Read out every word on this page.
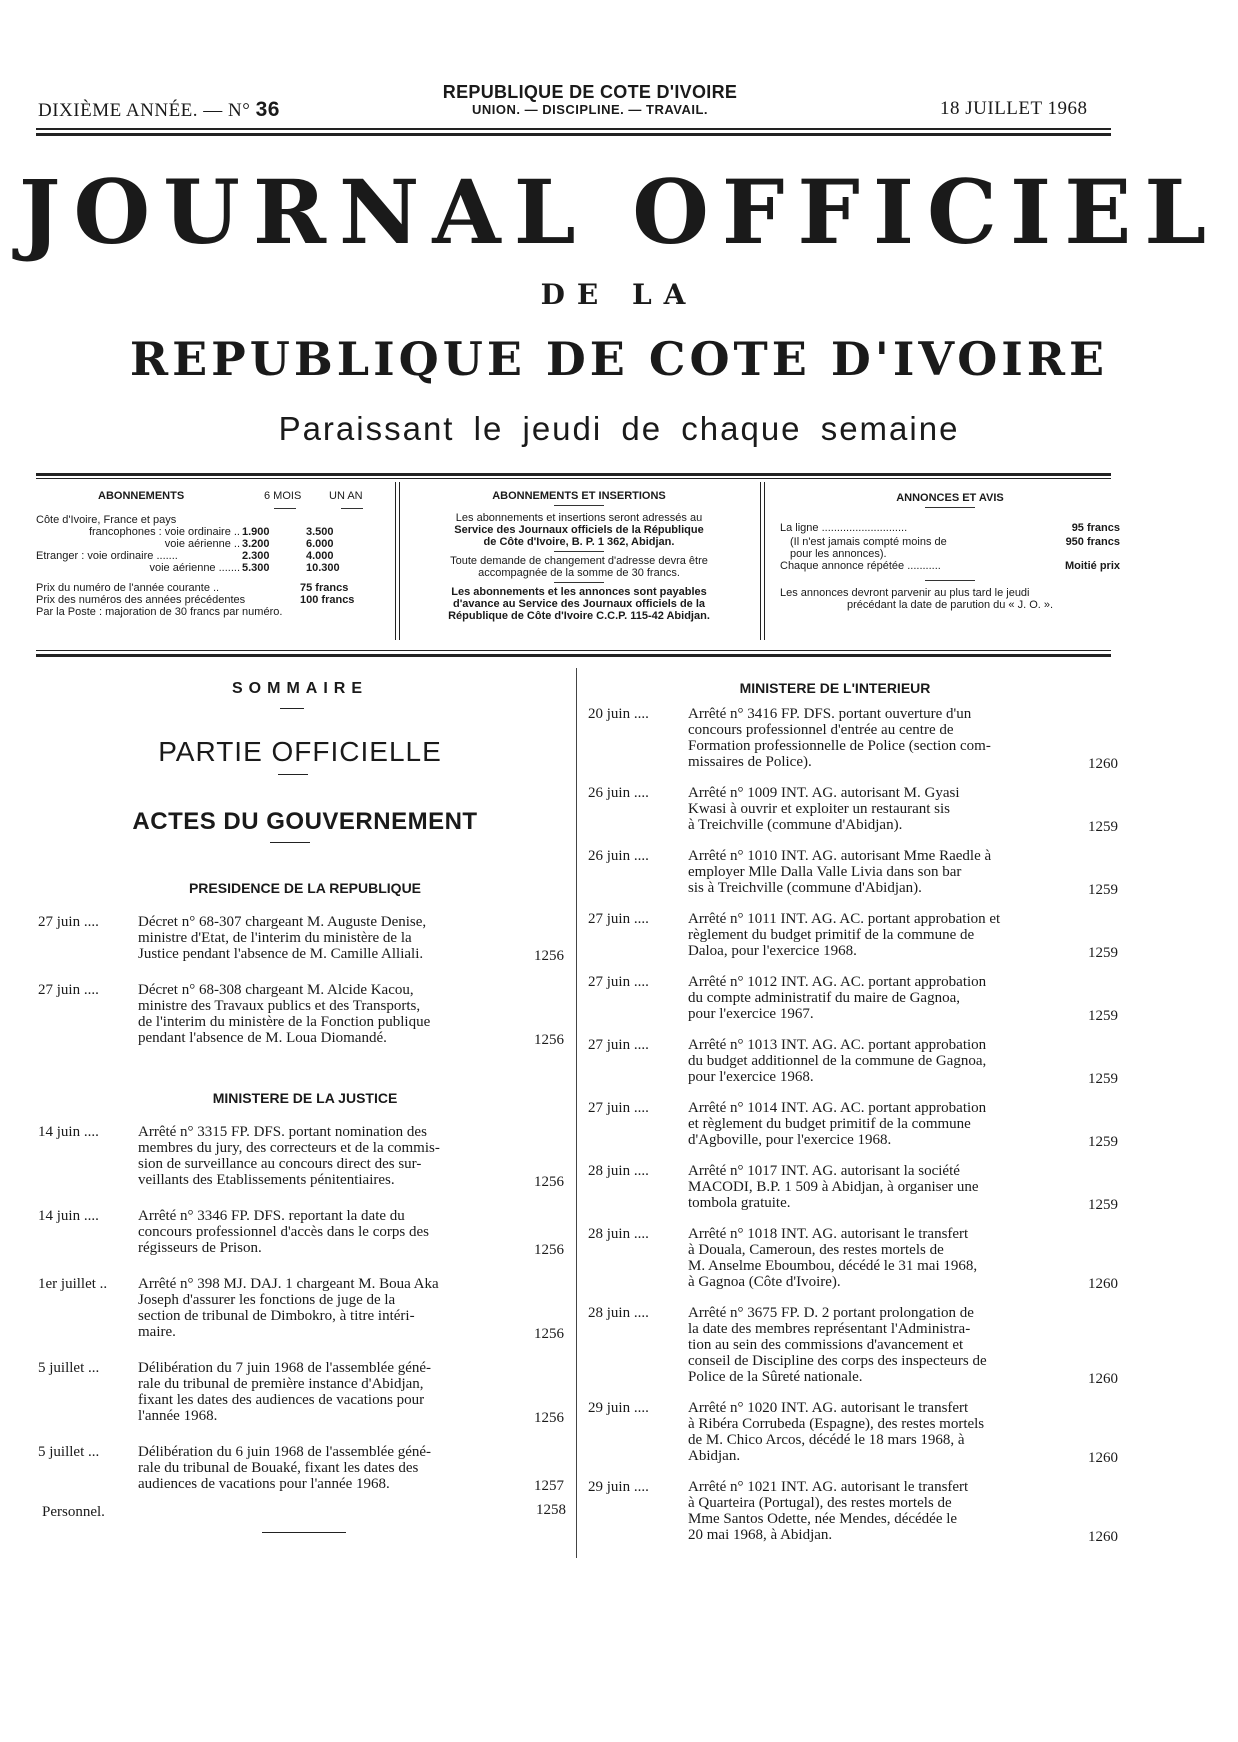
DIXIÈME ANNÉE. — N° 36
REPUBLIQUE DE COTE D'IVOIRE
UNION. — DISCIPLINE. — TRAVAIL.	18 JUILLET 1968
JOURNAL OFFICIEL
DE LA
REPUBLIQUE DE COTE D'IVOIRE
Paraissant le jeudi de chaque semaine
ABONNEMENTS	6 MOIS	UN AN
Côte d'Ivoire, France et pays
francophones : voie ordinaire .. 1.900	3.500
voie aérienne .. 3.200	6.000
Etranger : voie ordinaire .......	2.300	4.000
voie aérienne ....... 5.300	10.300
Prix du numéro de l'année courante ..	75 francs
Prix des numéros des années précédentes	100 francs
Par la Poste : majoration de 30 francs par numéro.
ABONNEMENTS ET INSERTIONS
Les abonnements et insertions seront adressés au
Service des Journaux officiels de la République
de Côte d'Ivoire, B. P. 1 362, Abidjan.
Toute demande de changement d'adresse devra être
accompagnée de la somme de 30 francs.
Les abonnements et les annonces sont payables
d'avance au Service des Journaux officiels de la
République de Côte d'Ivoire C.C.P. 115-42 Abidjan.
ANNONCES ET AVIS
La ligne ............................	95 francs
(Il n'est jamais compté moins de	950 francs
pour les annonces).
Chaque annonce répétée ...........	Moitié prix
Les annonces devront parvenir au plus tard le jeudi
précédant la date de parution du « J. O. ».
SOMMAIRE
PARTIE OFFICIELLE
ACTES DU GOUVERNEMENT
PRESIDENCE DE LA REPUBLIQUE
27 juin ....	Décret n° 68-307 chargeant M. Auguste Denise,
ministre d'Etat, de l'interim du ministère de la
Justice pendant l'absence de M. Camille Alliali.	1256
27 juin ....	Décret n° 68-308 chargeant M. Alcide Kacou,
ministre des Travaux publics et des Transports,
de l'interim du ministère de la Fonction publique
pendant l'absence de M. Loua Diomandé.	1256
MINISTERE DE LA JUSTICE
14 juin ....	Arrêté n° 3315 FP. DFS. portant nomination des
membres du jury, des correcteurs et de la commis-
sion de surveillance au concours direct des sur-
veillants des Etablissements pénitentiaires.	1256
14 juin ....	Arrêté n° 3346 FP. DFS. reportant la date du
concours professionnel d'accès dans le corps des
régisseurs de Prison.	1256
1er juillet .. Arrêté n° 398 MJ. DAJ. 1 chargeant M. Boua Aka
Joseph d'assurer les fonctions de juge de la
section de tribunal de Dimbokro, à titre intéri-
maire.	1256
5 juillet ...	Délibération du 7 juin 1968 de l'assemblée géné-
rale du tribunal de première instance d'Abidjan,
fixant les dates des audiences de vacations pour
l'année 1968.	1256
5 juillet ...	Délibération du 6 juin 1968 de l'assemblée géné-
rale du tribunal de Bouaké, fixant les dates des
audiences de vacations pour l'année 1968.	1257
Personnel.	1258
MINISTERE DE L'INTERIEUR
20 juin ....	Arrêté n° 3416 FP. DFS. portant ouverture d'un
concours professionnel d'entrée au centre de
Formation professionnelle de Police (section com-
missaires de Police).	1260
26 juin ....	Arrêté n° 1009 INT. AG. autorisant M. Gyasi
Kwasi à ouvrir et exploiter un restaurant sis
à Treichville (commune d'Abidjan).	1259
26 juin ....	Arrêté n° 1010 INT. AG. autorisant Mme Raedle à
employer Mlle Dalla Valle Livia dans son bar
sis à Treichville (commune d'Abidjan).	1259
27 juin ....	Arrêté n° 1011 INT. AG. AC. portant approbation et
règlement du budget primitif de la commune de
Daloa, pour l'exercice 1968.	1259
27 juin ....	Arrêté n° 1012 INT. AG. AC. portant approbation
du compte administratif du maire de Gagnoa,
pour l'exercice 1967.	1259
27 juin ....	Arrêté n° 1013 INT. AG. AC. portant approbation
du budget additionnel de la commune de Gagnoa,
pour l'exercice 1968.	1259
27 juin ....	Arrêté n° 1014 INT. AG. AC. portant approbation
et règlement du budget primitif de la commune
d'Agboville, pour l'exercice 1968.	1259
28 juin ....	Arrêté n° 1017 INT. AG. autorisant la société
MACODI, B.P. 1 509 à Abidjan, à organiser une
tombola gratuite.	1259
28 juin ....	Arrêté n° 1018 INT. AG. autorisant le transfert
à Douala, Cameroun, des restes mortels de
M. Anselme Eboumbou, décédé le 31 mai 1968,
à Gagnoa (Côte d'Ivoire).	1260
28 juin ....	Arrêté n° 3675 FP. D. 2 portant prolongation de
la date des membres représentant l'Administra-
tion au sein des commissions d'avancement et
conseil de Discipline des corps des inspecteurs de
Police de la Sûreté nationale.	1260
29 juin ....	Arrêté n° 1020 INT. AG. autorisant le transfert
à Ribéra Corrubeda (Espagne), des restes mortels
de M. Chico Arcos, décédé le 18 mars 1968, à
Abidjan.	1260
29 juin ....	Arrêté n° 1021 INT. AG. autorisant le transfert
à Quarteira (Portugal), des restes mortels de
Mme Santos Odette, née Mendes, décédée le
20 mai 1968, à Abidjan.	1260
